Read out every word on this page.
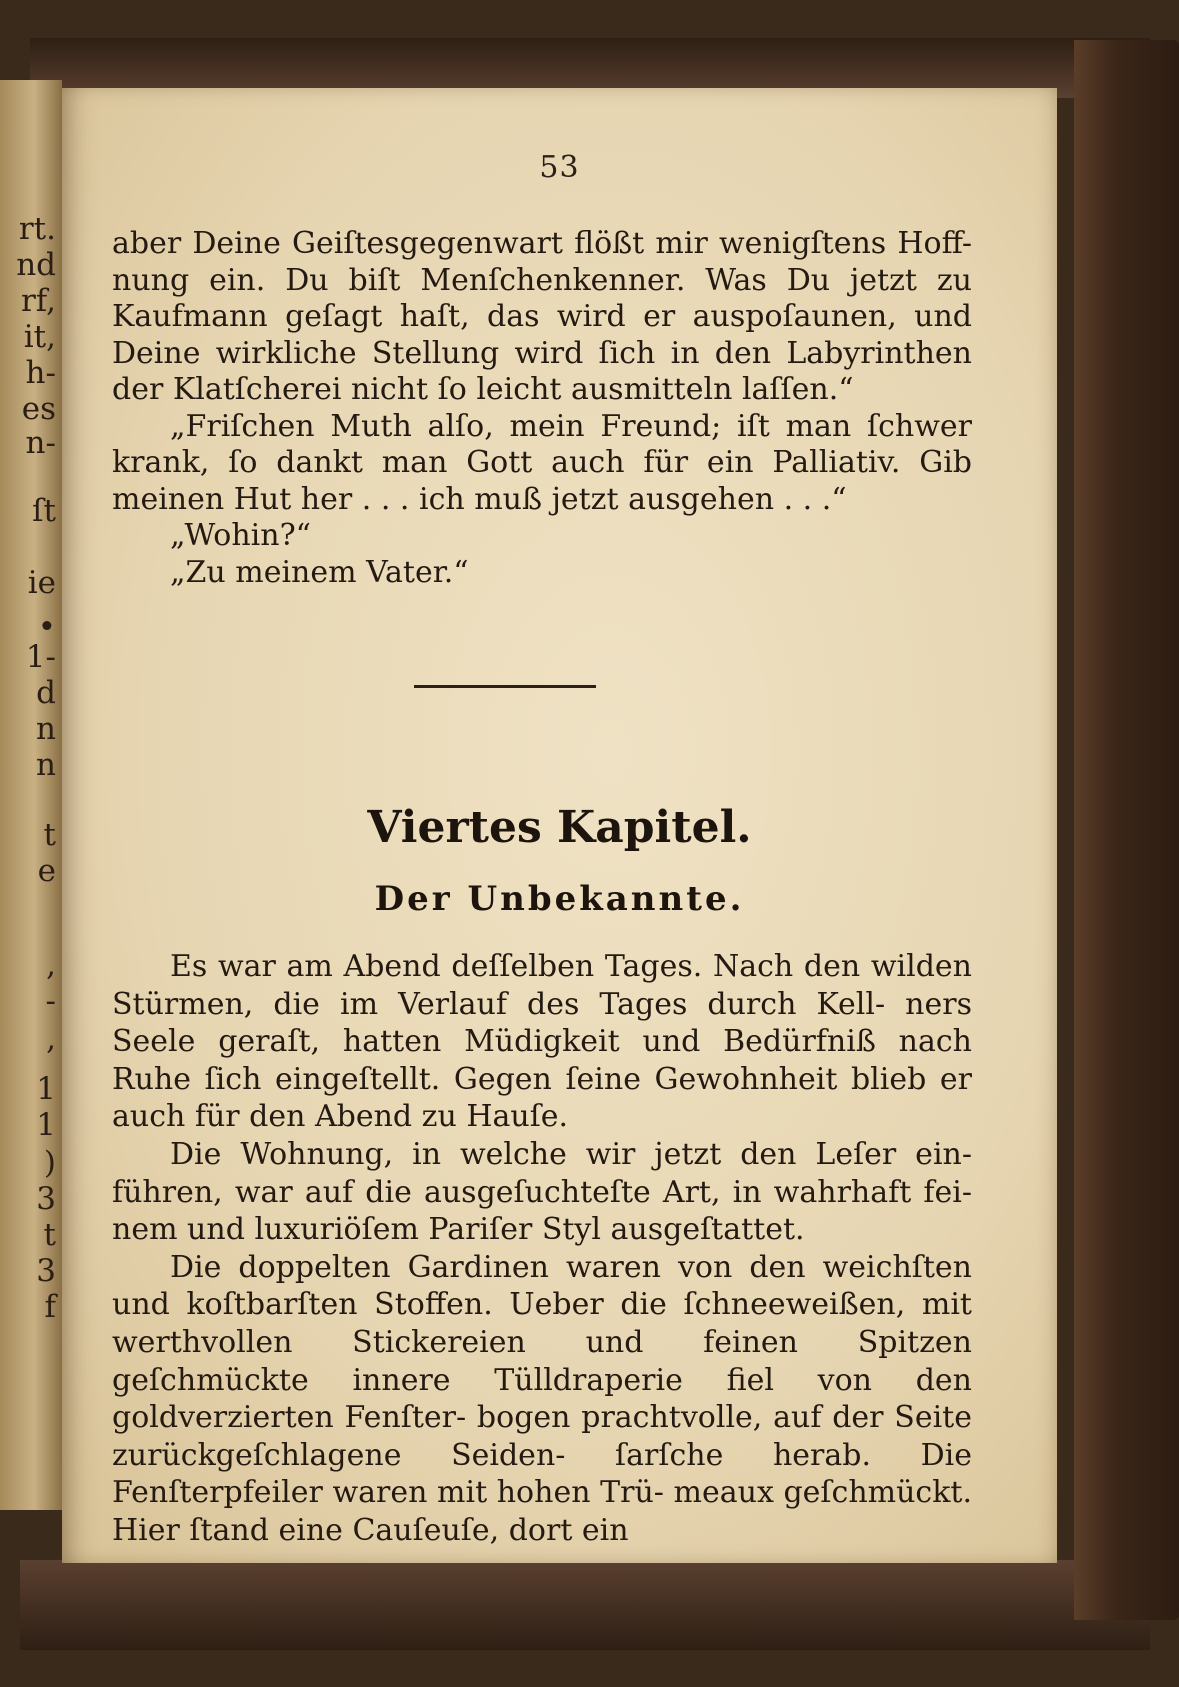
rt.
nd
rf,
it,
h-
es
n-
ſt
ie
•
1-
d
n
n
t
e
,
-
,
1
1
)
3
t
3
f
53

aber Deine Geiſtesgegenwart flößt mir wenigſtens Hoff- nung ein. Du biſt Menſchenkenner. Was Du jetzt zu Kaufmann geſagt haſt, das wird er auspoſaunen, und Deine wirkliche Stellung wird ſich in den Labyrinthen der Klatſcherei nicht ſo leicht ausmitteln laſſen.“

„Friſchen Muth alſo, mein Freund; iſt man ſchwer krank, ſo dankt man Gott auch für ein Palliativ. Gib meinen Hut her . . . ich muß jetzt ausgehen . . .“

„Wohin?“

„Zu meinem Vater.“

Viertes Kapitel.
Der Unbekannte.

Es war am Abend deſſelben Tages. Nach den wilden Stürmen, die im Verlauf des Tages durch Kell- ners Seele geraſt, hatten Müdigkeit und Bedürfniß nach Ruhe ſich eingeſtellt. Gegen ſeine Gewohnheit blieb er auch für den Abend zu Hauſe.

Die Wohnung, in welche wir jetzt den Leſer ein- führen, war auf die ausgeſuchteſte Art, in wahrhaft fei- nem und luxuriöſem Pariſer Styl ausgeſtattet.

Die doppelten Gardinen waren von den weichſten und koſtbarſten Stoffen. Ueber die ſchneeweißen, mit werthvollen Stickereien und feinen Spitzen geſchmückte innere Tülldraperie fiel von den goldverzierten Fenſter- bogen prachtvolle, auf der Seite zurückgeſchlagene Seiden- ſarſche herab. Die Fenſterpfeiler waren mit hohen Trü- meaux geſchmückt. Hier ſtand eine Cauſeuſe, dort ein
